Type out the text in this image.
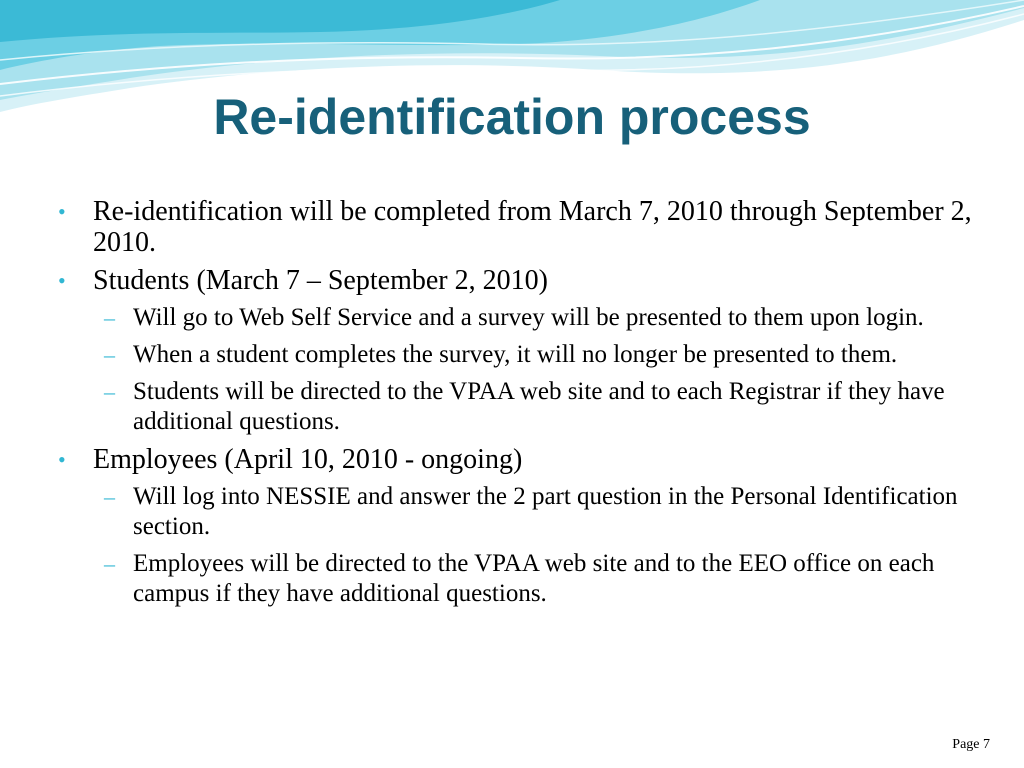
Re-identification process
• Re-identification will be completed from March 7, 2010 through September 2, 2010.
• Students (March 7 – September 2, 2010)
– Will go to Web Self Service and a survey will be presented to them upon login.
– When a student completes the survey, it will no longer be presented to them.
– Students will be directed to the VPAA web site and to each Registrar if they have additional questions.
• Employees (April 10, 2010 - ongoing)
– Will log into NESSIE and answer the 2 part question in the Personal Identification section.
– Employees will be directed to the VPAA web site and to the EEO office on each campus if they have additional questions.
Page 7
